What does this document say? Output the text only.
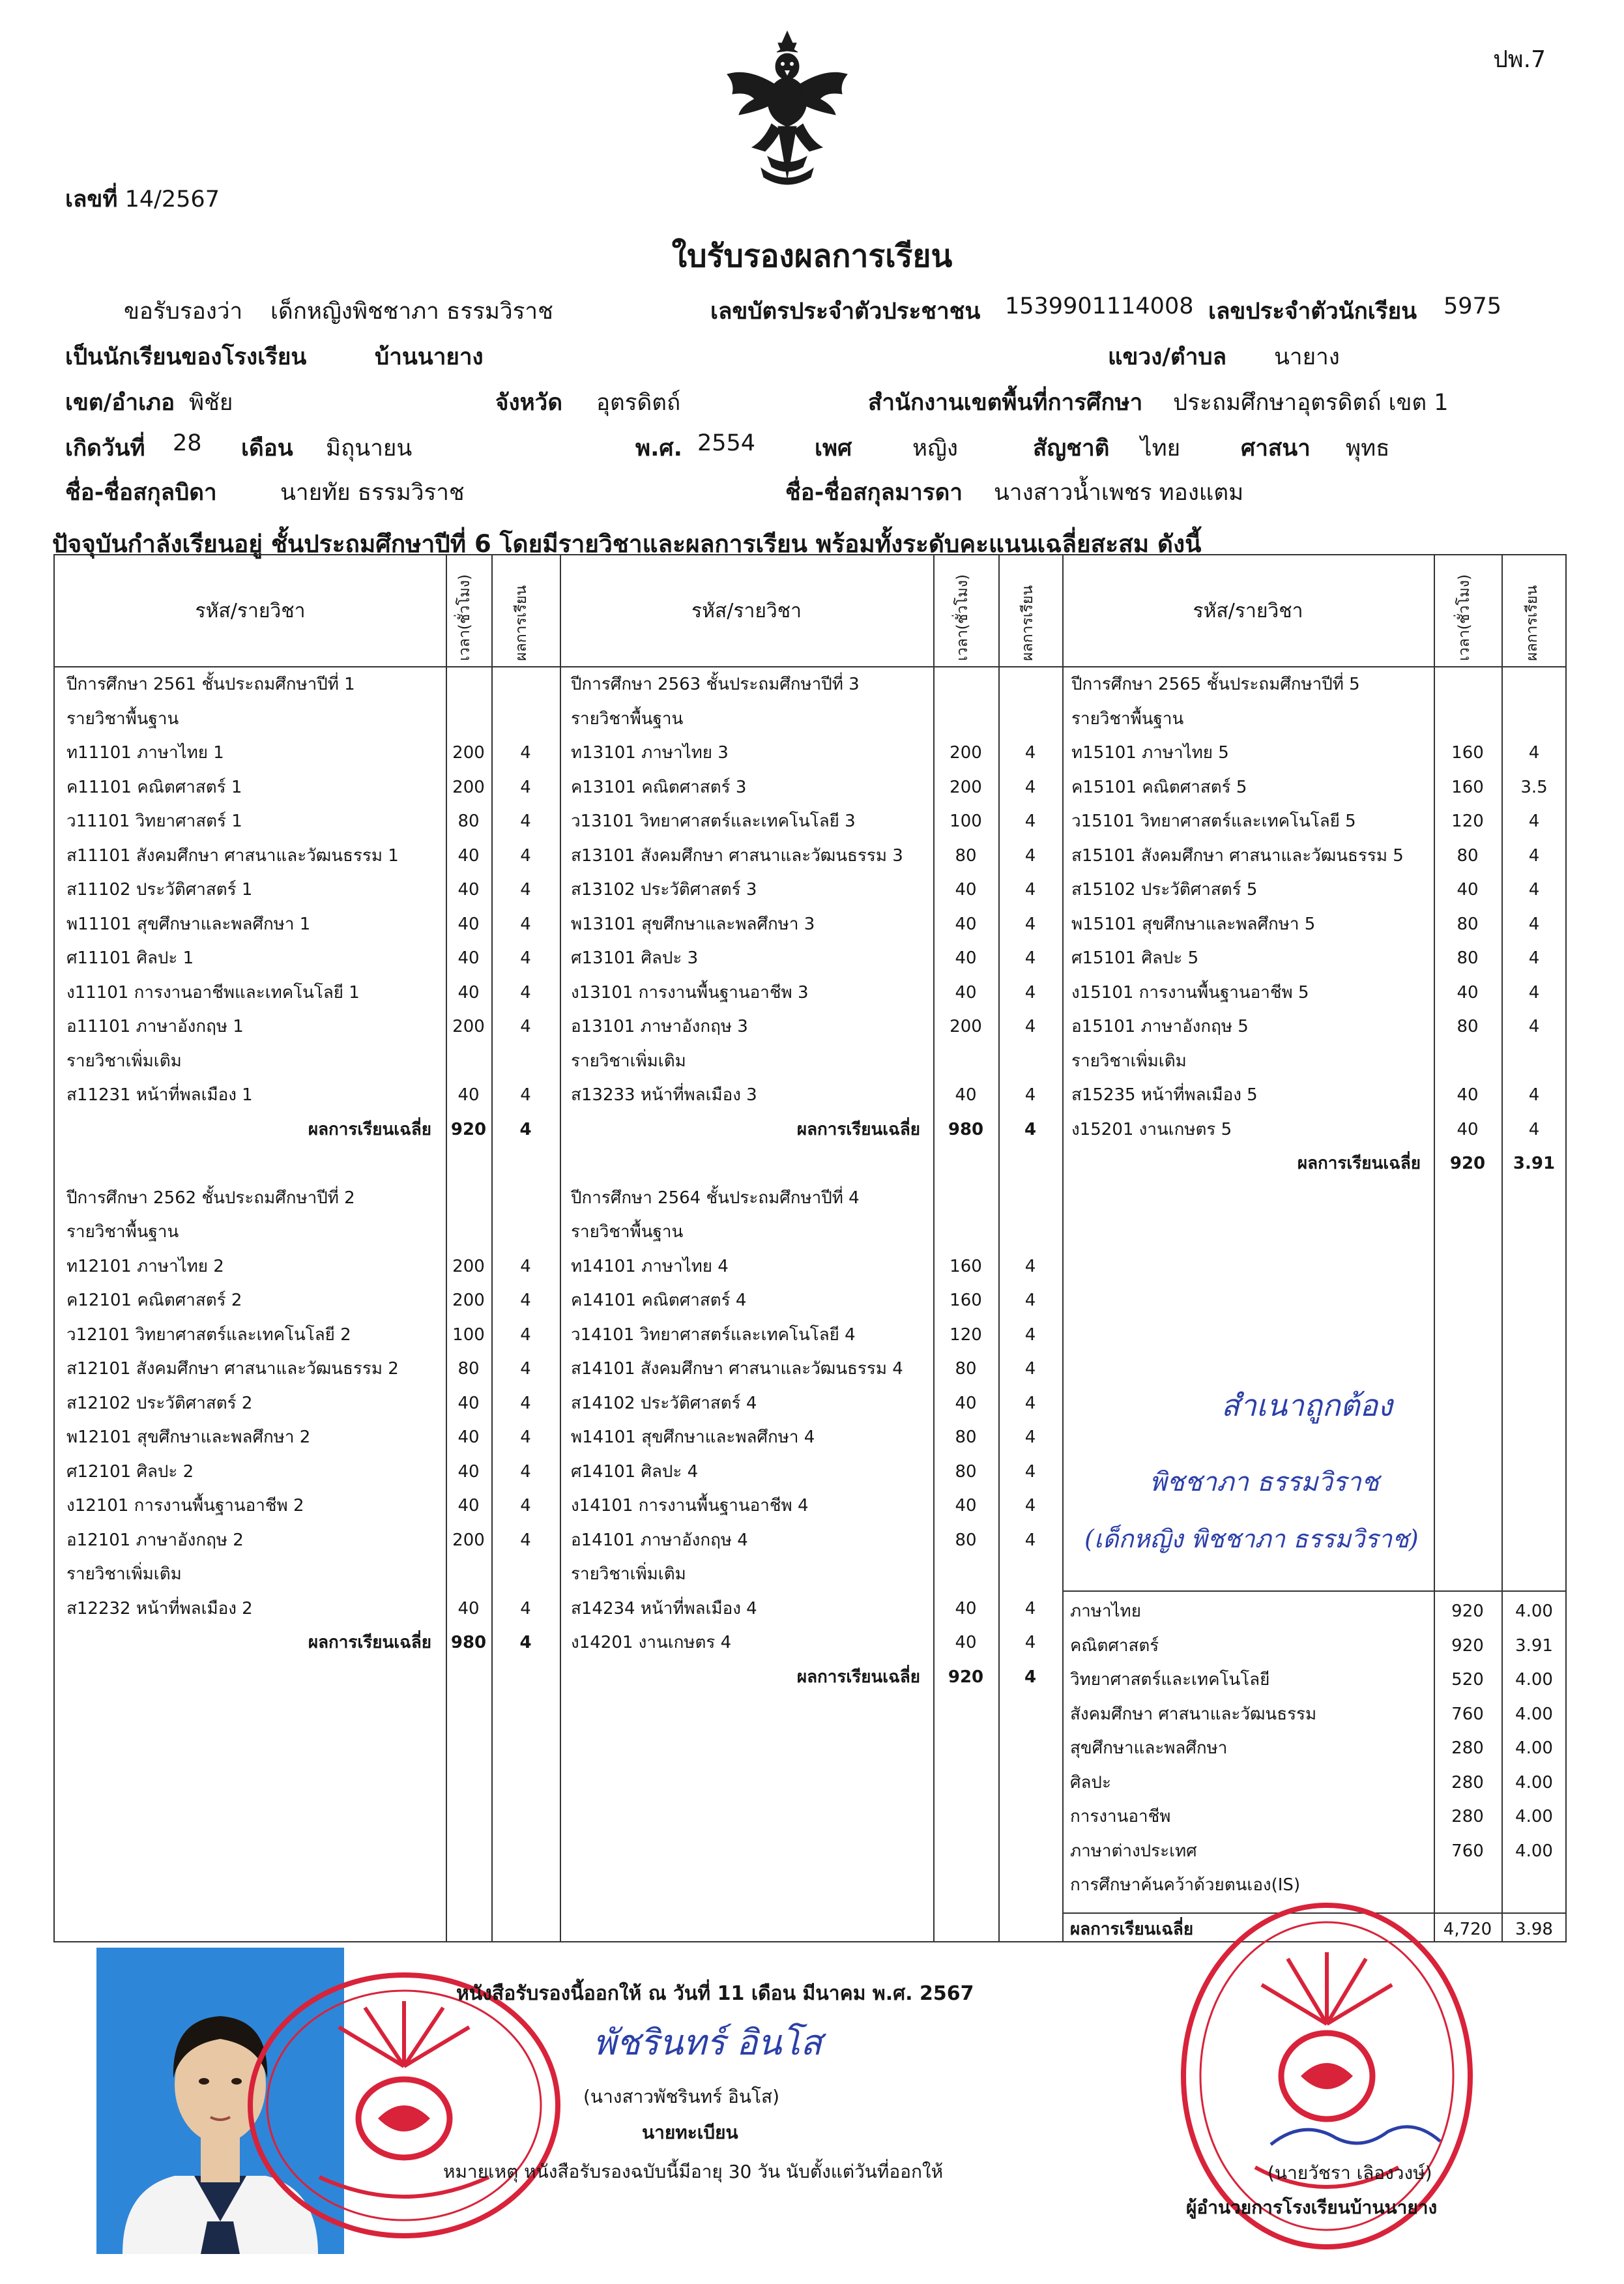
ปพ.7
เลขที่ 14/2567
ใบรับรองผลการเรียน
ขอรับรองว่า เด็กหญิงพิชชาภา ธรรมวิราช	เลขบัตรประจำตัวประชาชน 1539901114008 เลขประจำตัวนักเรียน 5975
เป็นนักเรียนของโรงเรียน	บ้านนายาง	แขวง/ตำบล นายาง
เขต/อำเภอ พิชัย	จังหวัด อุตรดิตถ์	สำนักงานเขตพื้นที่การศึกษา ประถมศึกษาอุตรดิตถ์ เขต 1
เกิดวันที่ 28 เดือน มิถุนายน	พ.ศ. 2554	เพศ	หญิง	สัญชาติ ไทย	ศาสนา พุทธ
ชื่อ-ชื่อสกุลบิดา	นายทัย ธรรมวิราช	ชื่อ-ชื่อสกุลมารดา นางสาวน้ำเพชร ทองแตม
ปัจจุบันกำลังเรียนอยู่ ชั้นประถมศึกษาปีที่ 6 โดยมีรายวิชาและผลการเรียน พร้อมทั้งระดับคะแนนเฉลี่ยสะสม ดังนี้
รหัส/รายวิชา	เวลา(ชั่วโมง)	ผลการเรียน	รหัส/รายวิชา	เวลา(ชั่วโมง)	ผลการเรียน	รหัส/รายวิชา	เวลา(ชั่วโมง)	ผลการเรียน
ปีการศึกษา 2561 ชั้นประถมศึกษาปีที่ 1
รายวิชาพื้นฐาน
ท11101 ภาษาไทย 1	200	4
ค11101 คณิตศาสตร์ 1	200	4
ว11101 วิทยาศาสตร์ 1	80	4
ส11101 สังคมศึกษา ศาสนาและวัฒนธรรม 1	40	4
ส11102 ประวัติศาสตร์ 1	40	4
พ11101 สุขศึกษาและพลศึกษา 1	40	4
ศ11101 ศิลปะ 1	40	4
ง11101 การงานอาชีพและเทคโนโลยี 1	40	4
อ11101 ภาษาอังกฤษ 1	200	4
รายวิชาเพิ่มเติม
ส11231 หน้าที่พลเมือง 1	40	4
ผลการเรียนเฉลี่ย	920	4
ปีการศึกษา 2562 ชั้นประถมศึกษาปีที่ 2
รายวิชาพื้นฐาน
ท12101 ภาษาไทย 2	200	4
ค12101 คณิตศาสตร์ 2	200	4
ว12101 วิทยาศาสตร์และเทคโนโลยี 2	100	4
ส12101 สังคมศึกษา ศาสนาและวัฒนธรรม 2	80	4
ส12102 ประวัติศาสตร์ 2	40	4
พ12101 สุขศึกษาและพลศึกษา 2	40	4
ศ12101 ศิลปะ 2	40	4
ง12101 การงานพื้นฐานอาชีพ 2	40	4
อ12101 ภาษาอังกฤษ 2	200	4
รายวิชาเพิ่มเติม
ส12232 หน้าที่พลเมือง 2	40	4
ผลการเรียนเฉลี่ย	980	4
ปีการศึกษา 2563 ชั้นประถมศึกษาปีที่ 3
รายวิชาพื้นฐาน
ท13101 ภาษาไทย 3	200	4
ค13101 คณิตศาสตร์ 3	200	4
ว13101 วิทยาศาสตร์และเทคโนโลยี 3	100	4
ส13101 สังคมศึกษา ศาสนาและวัฒนธรรม 3	80	4
ส13102 ประวัติศาสตร์ 3	40	4
พ13101 สุขศึกษาและพลศึกษา 3	40	4
ศ13101 ศิลปะ 3	40	4
ง13101 การงานพื้นฐานอาชีพ 3	40	4
อ13101 ภาษาอังกฤษ 3	200	4
รายวิชาเพิ่มเติม
ส13233 หน้าที่พลเมือง 3	40	4
ผลการเรียนเฉลี่ย	980	4
ปีการศึกษา 2564 ชั้นประถมศึกษาปีที่ 4
รายวิชาพื้นฐาน
ท14101 ภาษาไทย 4	160	4
ค14101 คณิตศาสตร์ 4	160	4
ว14101 วิทยาศาสตร์และเทคโนโลยี 4	120	4
ส14101 สังคมศึกษา ศาสนาและวัฒนธรรม 4	80	4
ส14102 ประวัติศาสตร์ 4	40	4
พ14101 สุขศึกษาและพลศึกษา 4	80	4
ศ14101 ศิลปะ 4	80	4
ง14101 การงานพื้นฐานอาชีพ 4	40	4
อ14101 ภาษาอังกฤษ 4	80	4
รายวิชาเพิ่มเติม
ส14234 หน้าที่พลเมือง 4	40	4
ง14201 งานเกษตร 4	40	4
ผลการเรียนเฉลี่ย	920	4
ปีการศึกษา 2565 ชั้นประถมศึกษาปีที่ 5
รายวิชาพื้นฐาน
ท15101 ภาษาไทย 5	160	4
ค15101 คณิตศาสตร์ 5	160	3.5
ว15101 วิทยาศาสตร์และเทคโนโลยี 5	120	4
ส15101 สังคมศึกษา ศาสนาและวัฒนธรรม 5	80	4
ส15102 ประวัติศาสตร์ 5	40	4
พ15101 สุขศึกษาและพลศึกษา 5	80	4
ศ15101 ศิลปะ 5	80	4
ง15101 การงานพื้นฐานอาชีพ 5	40	4
อ15101 ภาษาอังกฤษ 5	80	4
รายวิชาเพิ่มเติม
ส15235 หน้าที่พลเมือง 5	40	4
ง15201 งานเกษตร 5	40	4
ผลการเรียนเฉลี่ย	920	3.91
สำเนาถูกต้อง
พิชชาภา ธรรมวิราช
(เด็กหญิง พิชชาภา ธรรมวิราช)
ภาษาไทย	920	4.00
คณิตศาสตร์	920	3.91
วิทยาศาสตร์และเทคโนโลยี	520	4.00
สังคมศึกษา ศาสนาและวัฒนธรรม	760	4.00
สุขศึกษาและพลศึกษา	280	4.00
ศิลปะ	280	4.00
การงานอาชีพ	280	4.00
ภาษาต่างประเทศ	760	4.00
การศึกษาค้นคว้าด้วยตนเอง(IS)
ผลการเรียนเฉลี่ย	4,720	3.98
หนังสือรับรองนี้ออกให้ ณ วันที่ 11 เดือน มีนาคม พ.ศ. 2567
พัชรินทร์ อินโส
(นางสาวพัชรินทร์ อินโส)
นายทะเบียน
หมายเหตุ หนังสือรับรองฉบับนี้มีอายุ 30 วัน นับตั้งแต่วันที่ออกให้	(นายวัชรา เลิองวงษ์)
ผู้อำนวยการโรงเรียนบ้านนายาง
